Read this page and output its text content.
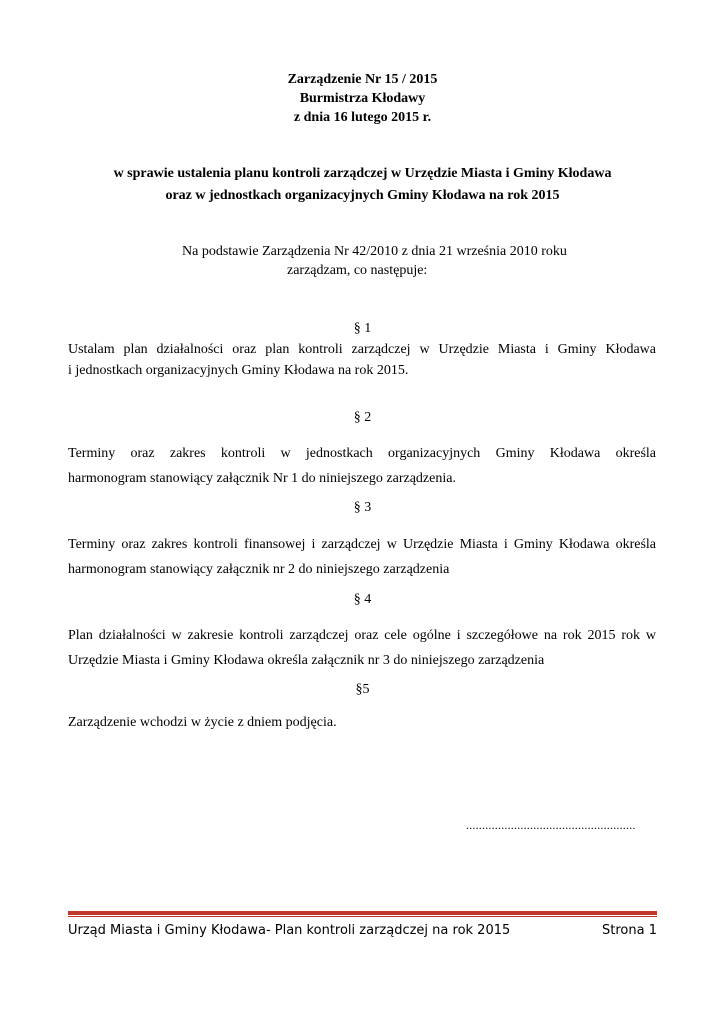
Zarządzenie Nr 15 / 2015
Burmistrza Kłodawy
z dnia 16 lutego 2015 r.
w sprawie ustalenia planu kontroli zarządczej w Urzędzie Miasta i Gminy Kłodawa
oraz w jednostkach organizacyjnych Gminy Kłodawa na rok 2015
Na podstawie Zarządzenia Nr 42/2010 z dnia 21 września 2010 roku
zarządzam, co następuje:
§ 1
Ustalam plan działalności oraz plan kontroli zarządczej w Urzędzie Miasta i Gminy Kłodawa
i jednostkach organizacyjnych Gminy Kłodawa na rok 2015.
§ 2
Terminy oraz zakres kontroli w jednostkach organizacyjnych Gminy Kłodawa określa
harmonogram stanowiący załącznik Nr 1 do niniejszego zarządzenia.
§ 3
Terminy oraz zakres kontroli finansowej i zarządczej w Urzędzie Miasta i Gminy Kłodawa określa
harmonogram stanowiący załącznik nr 2 do niniejszego zarządzenia
§ 4
Plan działalności w zakresie kontroli zarządczej oraz cele ogólne i szczegółowe na rok 2015 rok w
Urzędzie Miasta i Gminy Kłodawa określa załącznik nr 3 do niniejszego zarządzenia
§5
Zarządzenie wchodzi w życie z dniem podjęcia.
.....................................................
Urząd Miasta i Gminy Kłodawa- Plan kontroli zarządczej na rok 2015	Strona 1
